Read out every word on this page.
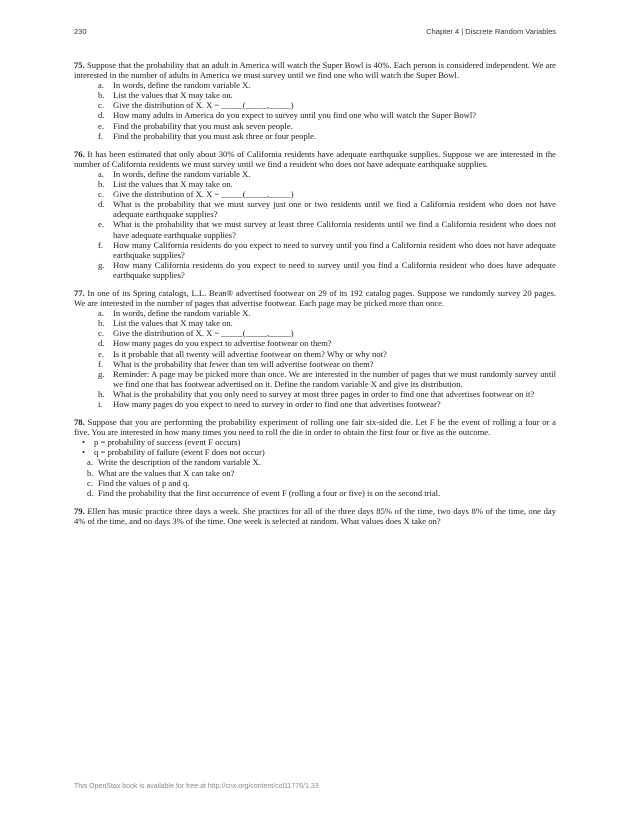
230	Chapter 4 | Discrete Random Variables

75. Suppose that the probability that an adult in America will watch the Super Bowl is 40%. Each person is considered independent. We are interested in the number of adults in America we must survey until we find one who will watch the Super Bowl.

a. In words, define the random variable X.
b. List the values that X may take on.
c. Give the distribution of X. X ~ _____(_____,_____)
d. How many adults in America do you expect to survey until you find one who will watch the Super Bowl?
e. Find the probability that you must ask seven people.
f. Find the probability that you must ask three or four people.

76. It has been estimated that only about 30% of California residents have adequate earthquake supplies. Suppose we are interested in the number of California residents we must survey until we find a resident who does not have adequate earthquake supplies.

a. In words, define the random variable X.
b. List the values that X may take on.
c. Give the distribution of X. X ~ _____(_____,_____)
d. What is the probability that we must survey just one or two residents until we find a California resident who does not have adequate earthquake supplies?
e. What is the probability that we must survey at least three California residents until we find a California resident who does not have adequate earthquake supplies?
f. How many California residents do you expect to need to survey until you find a California resident who does not have adequate earthquake supplies?
g. How many California residents do you expect to need to survey until you find a California resident who does have adequate earthquake supplies?

77. In one of its Spring catalogs, L.L. Bean® advertised footwear on 29 of its 192 catalog pages. Suppose we randomly survey 20 pages. We are interested in the number of pages that advertise footwear. Each page may be picked more than once.

a. In words, define the random variable X.
b. List the values that X may take on.
c. Give the distribution of X. X ~ _____(_____,_____)
d. How many pages do you expect to advertise footwear on them?
e. Is it probable that all twenty will advertise footwear on them? Why or why not?
f. What is the probability that fewer than ten will advertise footwear on them?
g. Reminder: A page may be picked more than once. We are interested in the number of pages that we must randomly survey until we find one that has footwear advertised on it. Define the random variable X and give its distribution.
h. What is the probability that you only need to survey at most three pages in order to find one that advertises footwear on it?
i. How many pages do you expect to need to survey in order to find one that advertises footwear?

78. Suppose that you are performing the probability experiment of rolling one fair six-sided die. Let F be the event of rolling a four or a five. You are interested in how many times you need to roll the die in order to obtain the first four or five as the outcome.

• p = probability of success (event F occurs)
• q = probability of failure (event F does not occur)
a. Write the description of the random variable X.
b. What are the values that X can take on?
c. Find the values of p and q.
d. Find the probability that the first occurrence of event F (rolling a four or five) is on the second trial.

79. Ellen has music practice three days a week. She practices for all of the three days 85% of the time, two days 8% of the time, one day 4% of the time, and no days 3% of the time. One week is selected at random. What values does X take on?

This OpenStax book is available for free at http://cnx.org/content/col11776/1.33
